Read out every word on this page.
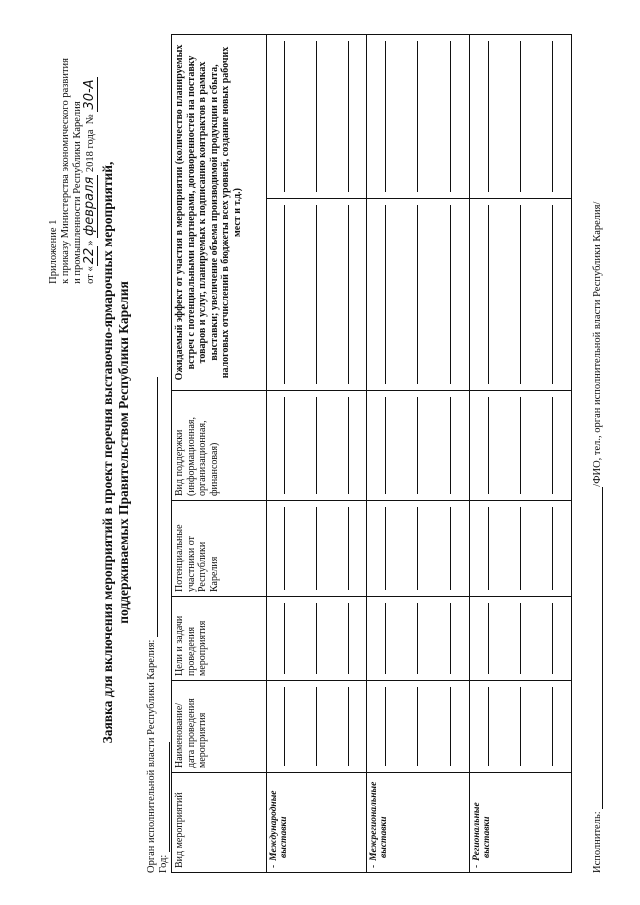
Приложение 1 к приказу Министерства экономического развития и промышленности Республики Карелия от «22» февраля 2018 года  № 30-А
Заявка для включения мероприятий в проект перечня выставочно-ярмарочных мероприятий, поддерживаемых Правительством Республики Карелия
Орган исполнительной власти Республики Карелия: Год: Вид мероприятий	Наименование/ дата проведения мероприятия	Цели и задачи проведения мероприятия	Потенциальные участники от Республики Карелия	Вид поддержки (информационная, организационная, финансовая)	Ожидаемый эффект от участия в мероприятии (количество планируемых встреч с потенциальными партнерами, договоренностей на поставку товаров и услуг, планируемых к подписанию контрактов в рамках выставки; увеличение объема производимой продукции и сбыта, налоговых отчислений в бюджеты всех уровней, создание новых рабочих мест и т.д.)	
-Международные выставки	

-Межрегиональные выставки	

-Региональные выставки	

		Исполнитель: /ФИО, тел., орган исполнительной власти Республики Карелия/
